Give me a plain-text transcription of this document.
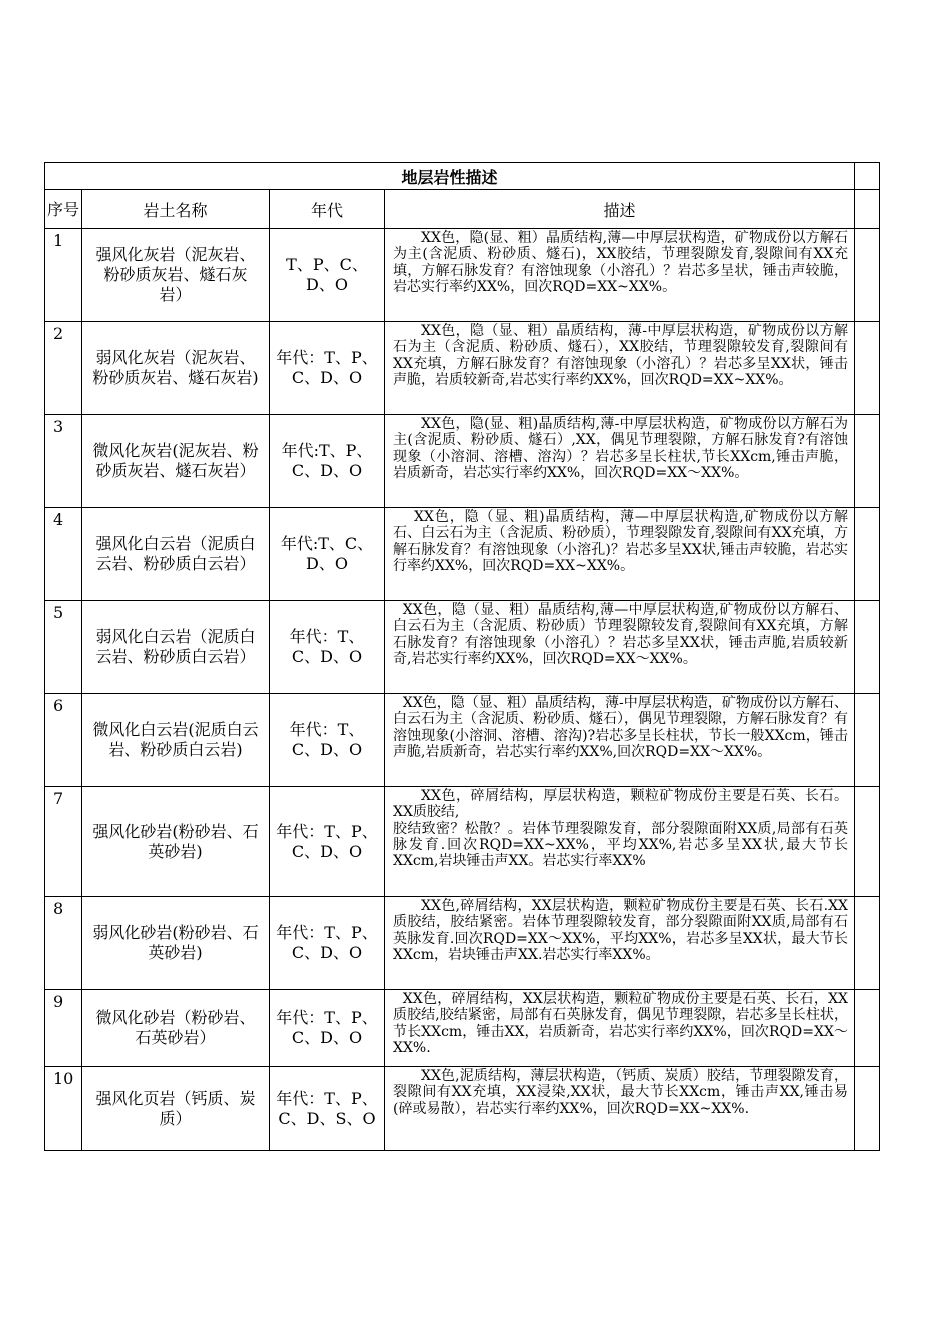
地层岩性描述				
序号	岩土名称	年代	描述	
1	强风化灰岩（泥灰岩、粉砂质灰岩、燧石灰岩）	T、P、C、D、O	XX色，隐(显、粗）晶质结构,薄—中厚层状构造，矿物成份以方解石为主(含泥质、粉砂质、燧石)，XX胶结，节理裂隙发育,裂隙间有XX充填，方解石脉发育？有溶蚀现象（小溶孔）？岩芯多呈状，锤击声较脆，岩芯实行率约XX%，回次RQD=XX~XX%。	

2	弱风化灰岩（泥灰岩、粉砂质灰岩、燧石灰岩)	年代：T、P、C、D、O	XX色，隐（显、粗）晶质结构，薄-中厚层状构造，矿物成份以方解石为主（含泥质、粉砂质、燧石），XX胶结，节理裂隙较发育,裂隙间有XX充填，方解石脉发育？有溶蚀现象（小溶孔）？岩芯多呈XX状，锤击声脆，岩质较新奇,岩芯实行率约XX%，回次RQD=XX~XX%。	

3	微风化灰岩(泥灰岩、粉砂质灰岩、燧石灰岩）	年代:T、P、C、D、O	XX色，隐(显、粗)晶质结构,薄-中厚层状构造，矿物成份以方解石为主(含泥质、粉砂质、燧石）,XX，偶见节理裂隙，方解石脉发育?有溶蚀现象（小溶洞、溶槽、溶沟）？岩芯多呈长柱状,节长XXcm,锤击声脆，岩质新奇，岩芯实行率约XX%，回次RQD=XX～XX%。	

4	强风化白云岩（泥质白云岩、粉砂质白云岩）	年代:T、C、D、O	XX色，隐（显、粗)晶质结构，薄—中厚层状构造,矿物成份以方解石、白云石为主（含泥质、粉砂质），节理裂隙发育,裂隙间有XX充填，方解石脉发育？有溶蚀现象（小溶孔)？岩芯多呈XX状,锤击声较脆，岩芯实行率约XX%，回次RQD=XX~XX%。	

5	弱风化白云岩（泥质白云岩、粉砂质白云岩）	年代：T、C、D、O	XX色，隐（显、粗）晶质结构,薄—中厚层状构造,矿物成份以方解石、白云石为主（含泥质、粉砂质）节理裂隙较发育,裂隙间有XX充填，方解石脉发育？有溶蚀现象（小溶孔）？岩芯多呈XX状，锤击声脆,岩质较新奇,岩芯实行率约XX%，回次RQD=XX～XX%。	

6	微风化白云岩(泥质白云岩、粉砂质白云岩)	年代：T、C、D、O	XX色，隐（显、粗）晶质结构，薄-中厚层状构造，矿物成份以方解石、白云石为主（含泥质、粉砂质、燧石），偶见节理裂隙，方解石脉发育？有溶蚀现象(小溶洞、溶槽、溶沟)?岩芯多呈长柱状，节长一般XXcm，锤击声脆,岩质新奇，岩芯实行率约XX%,回次RQD=XX～XX%。	

7	强风化砂岩(粉砂岩、石英砂岩)	年代：T、P、C、D、O	XX色，碎屑结构，厚层状构造，颗粒矿物成份主要是石英、长石。XX质胶结,
胶结致密？松散？。岩体节理裂隙发育，部分裂隙面附XX质,局部有石英脉发育.回次RQD=XX~XX%，平均XX%,岩芯多呈XX状,最大节长XXcm,岩块锤击声XX。岩芯实行率XX%	

8	弱风化砂岩(粉砂岩、石英砂岩)	年代：T、P、C、D、O	XX色,碎屑结构，XX层状构造，颗粒矿物成份主要是石英、长石.XX质胶结，胶结紧密。岩体节理裂隙较发育，部分裂隙面附XX质,局部有石英脉发育.回次RQD=XX～XX%，平均XX%，岩芯多呈XX状，最大节长XXcm，岩块锤击声XX.岩芯实行率XX%。	

9	微风化砂岩（粉砂岩、石英砂岩）	年代：T、P、C、D、O	XX色，碎屑结构，XX层状构造，颗粒矿物成份主要是石英、长石，XX质胶结,胶结紧密，局部有石英脉发育，偶见节理裂隙，岩芯多呈长柱状，节长XXcm，锤击XX，岩质新奇，岩芯实行率约XX%，回次RQD=XX～XX%.	

10	强风化页岩（钙质、炭质）	年代：T、P、C、D、S、O	XX色,泥质结构，薄层状构造，（钙质、炭质）胶结，节理裂隙发育，裂隙间有XX充填，XX浸染,XX状，最大节长XXcm，锤击声XX,锤击易(碎或易散），岩芯实行率约XX%，回次RQD=XX~XX%.	
